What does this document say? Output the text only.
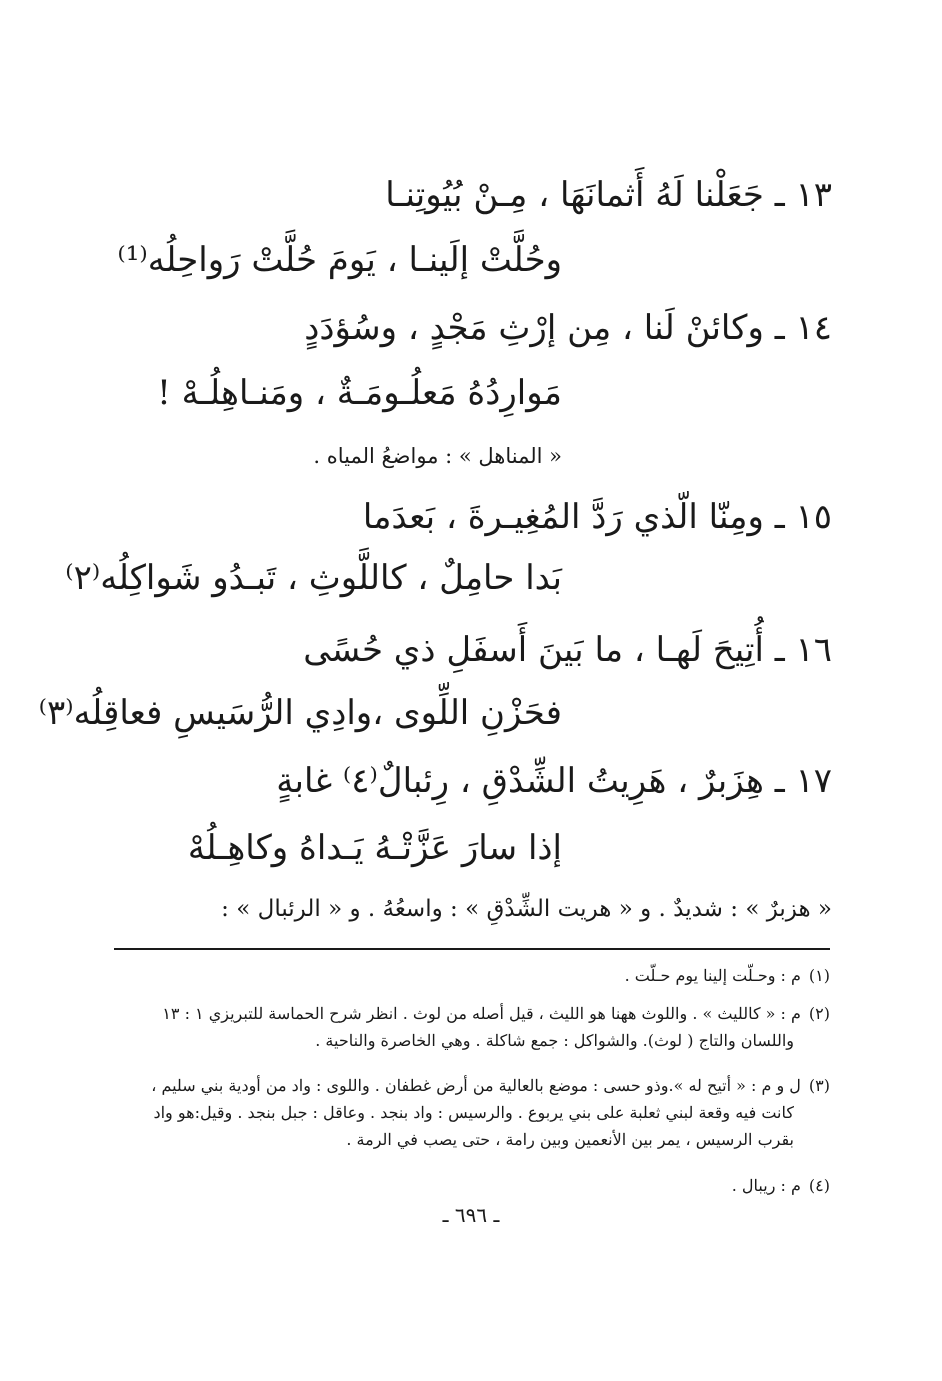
١٣ ـ جَعَلْنا لَهُ أَثمانَهَا ، مِـنْ بُيُوتِنـا
وحُلَّتْ إلَينـا ، يَومَ حُلَّتْ رَواحِلُه⁽¹⁾
١٤ ـ وكائنْ لَنا ، مِن إرْثِ مَجْدٍ ، وسُؤدَدٍ
مَوارِدُهُ مَعلُـومَـةٌ ، ومَنـاهِلُـهْ !
« المناهل » : مواضعُ المياه .
١٥ ـ ومِنّا الّذي رَدَّ المُغِيـرةَ ، بَعدَما
بَدا حامِلٌ ، كاللَّوثِ ، تَبـدُو شَواكِلُه⁽٢⁾
١٦ ـ أُتِيحَ لَهـا ، ما بَينَ أَسفَلِ ذي حُسًى
فحَزْنِ اللِّوى ،وادِي الرُّسَيسِ فعاقِلُه⁽٣⁾
١٧ ـ هِزَبرٌ ، هَرِيتُ الشِّدْقِ ، رِئبالٌ⁽٤⁾ غابةٍ
إذا سارَ عَزَّتْـهُ يَـداهُ وكاهِـلُهْ
« هزبرٌ » : شديدٌ . و « هريت الشِّدْقِ » : واسعُهُ . و « الرئبال » :
(١)م : وحـلّت إلينا يوم حـلّت .
(٢)م : « كالليث » . واللوث ههنا هو الليث ، قيل أصله من لوث . انظر شرح الحماسة للتبريزي ١ : ١٣
واللسان والتاج ( لوث). والشواكل : جمع شاكلة . وهي الخاصرة والناحية .
(٣)ل و م : « أتيح له ».وذو حسى : موضع بالعالية من أرض غطفان . واللوى : واد من أودية بني سليم ،
كانت فيه وقعة لبني ثعلبة على بني يربوع . والرسيس : واد بنجد . وعاقل : جبل بنجد . وقيل:هو واد
بقرب الرسيس ، يمر بين الأنعمين وبين رامة ، حتى يصب في الرمة .
(٤)م : ريبال .
ـ ٦٩٦ ـ
